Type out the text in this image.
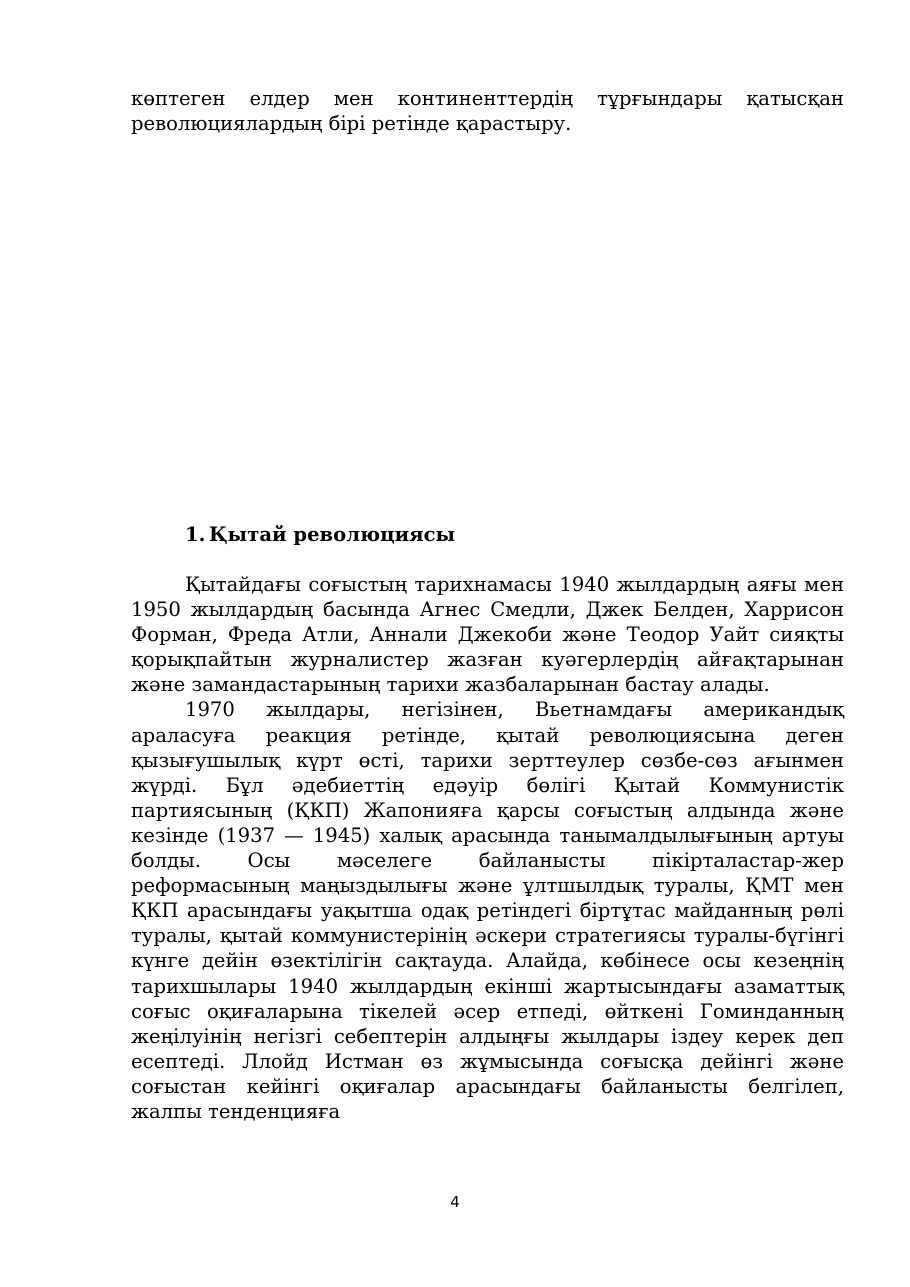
көптеген елдер мен континенттердің тұрғындары қатысқан революциялардың бірі ретінде қарастыру.

1. Қытай революциясы

Қытайдағы соғыстың тарихнамасы 1940 жылдардың аяғы мен 1950 жылдардың басында Агнес Смедли, Джек Белден, Харрисон Форман, Фреда Атли, Аннали Джекоби және Теодор Уайт сияқты қорықпайтын журналистер жазған куәгерлердің айғақтарынан және замандастарының тарихи жазбаларынан бастау алады.

1970 жылдары, негізінен, Вьетнамдағы американдық араласуға реакция ретінде, қытай революциясына деген қызығушылық күрт өсті, тарихи зерттеулер сөзбе-сөз ағынмен жүрді. Бұл әдебиеттің едәуір бөлігі Қытай Коммунистік партиясының (ҚКП) Жапонияға қарсы соғыстың алдында және кезінде (1937 — 1945) халық арасында танымалдылығының артуы болды. Осы мәселеге байланысты пікірталастар-жер реформасының маңыздылығы және ұлтшылдық туралы, ҚМТ мен ҚКП арасындағы уақытша одақ ретіндегі біртұтас майданның рөлі туралы, қытай коммунистерінің әскери стратегиясы туралы-бүгінгі күнге дейін өзектілігін сақтауда. Алайда, көбінесе осы кезеңнің тарихшылары 1940 жылдардың екінші жартысындағы азаматтық соғыс оқиғаларына тікелей әсер етпеді, өйткені Гоминданның жеңілуінің негізгі себептерін алдыңғы жылдары іздеу керек деп есептеді. Ллойд Истман өз жұмысында соғысқа дейінгі және соғыстан кейінгі оқиғалар арасындағы байланысты белгілеп, жалпы тенденцияға

4
